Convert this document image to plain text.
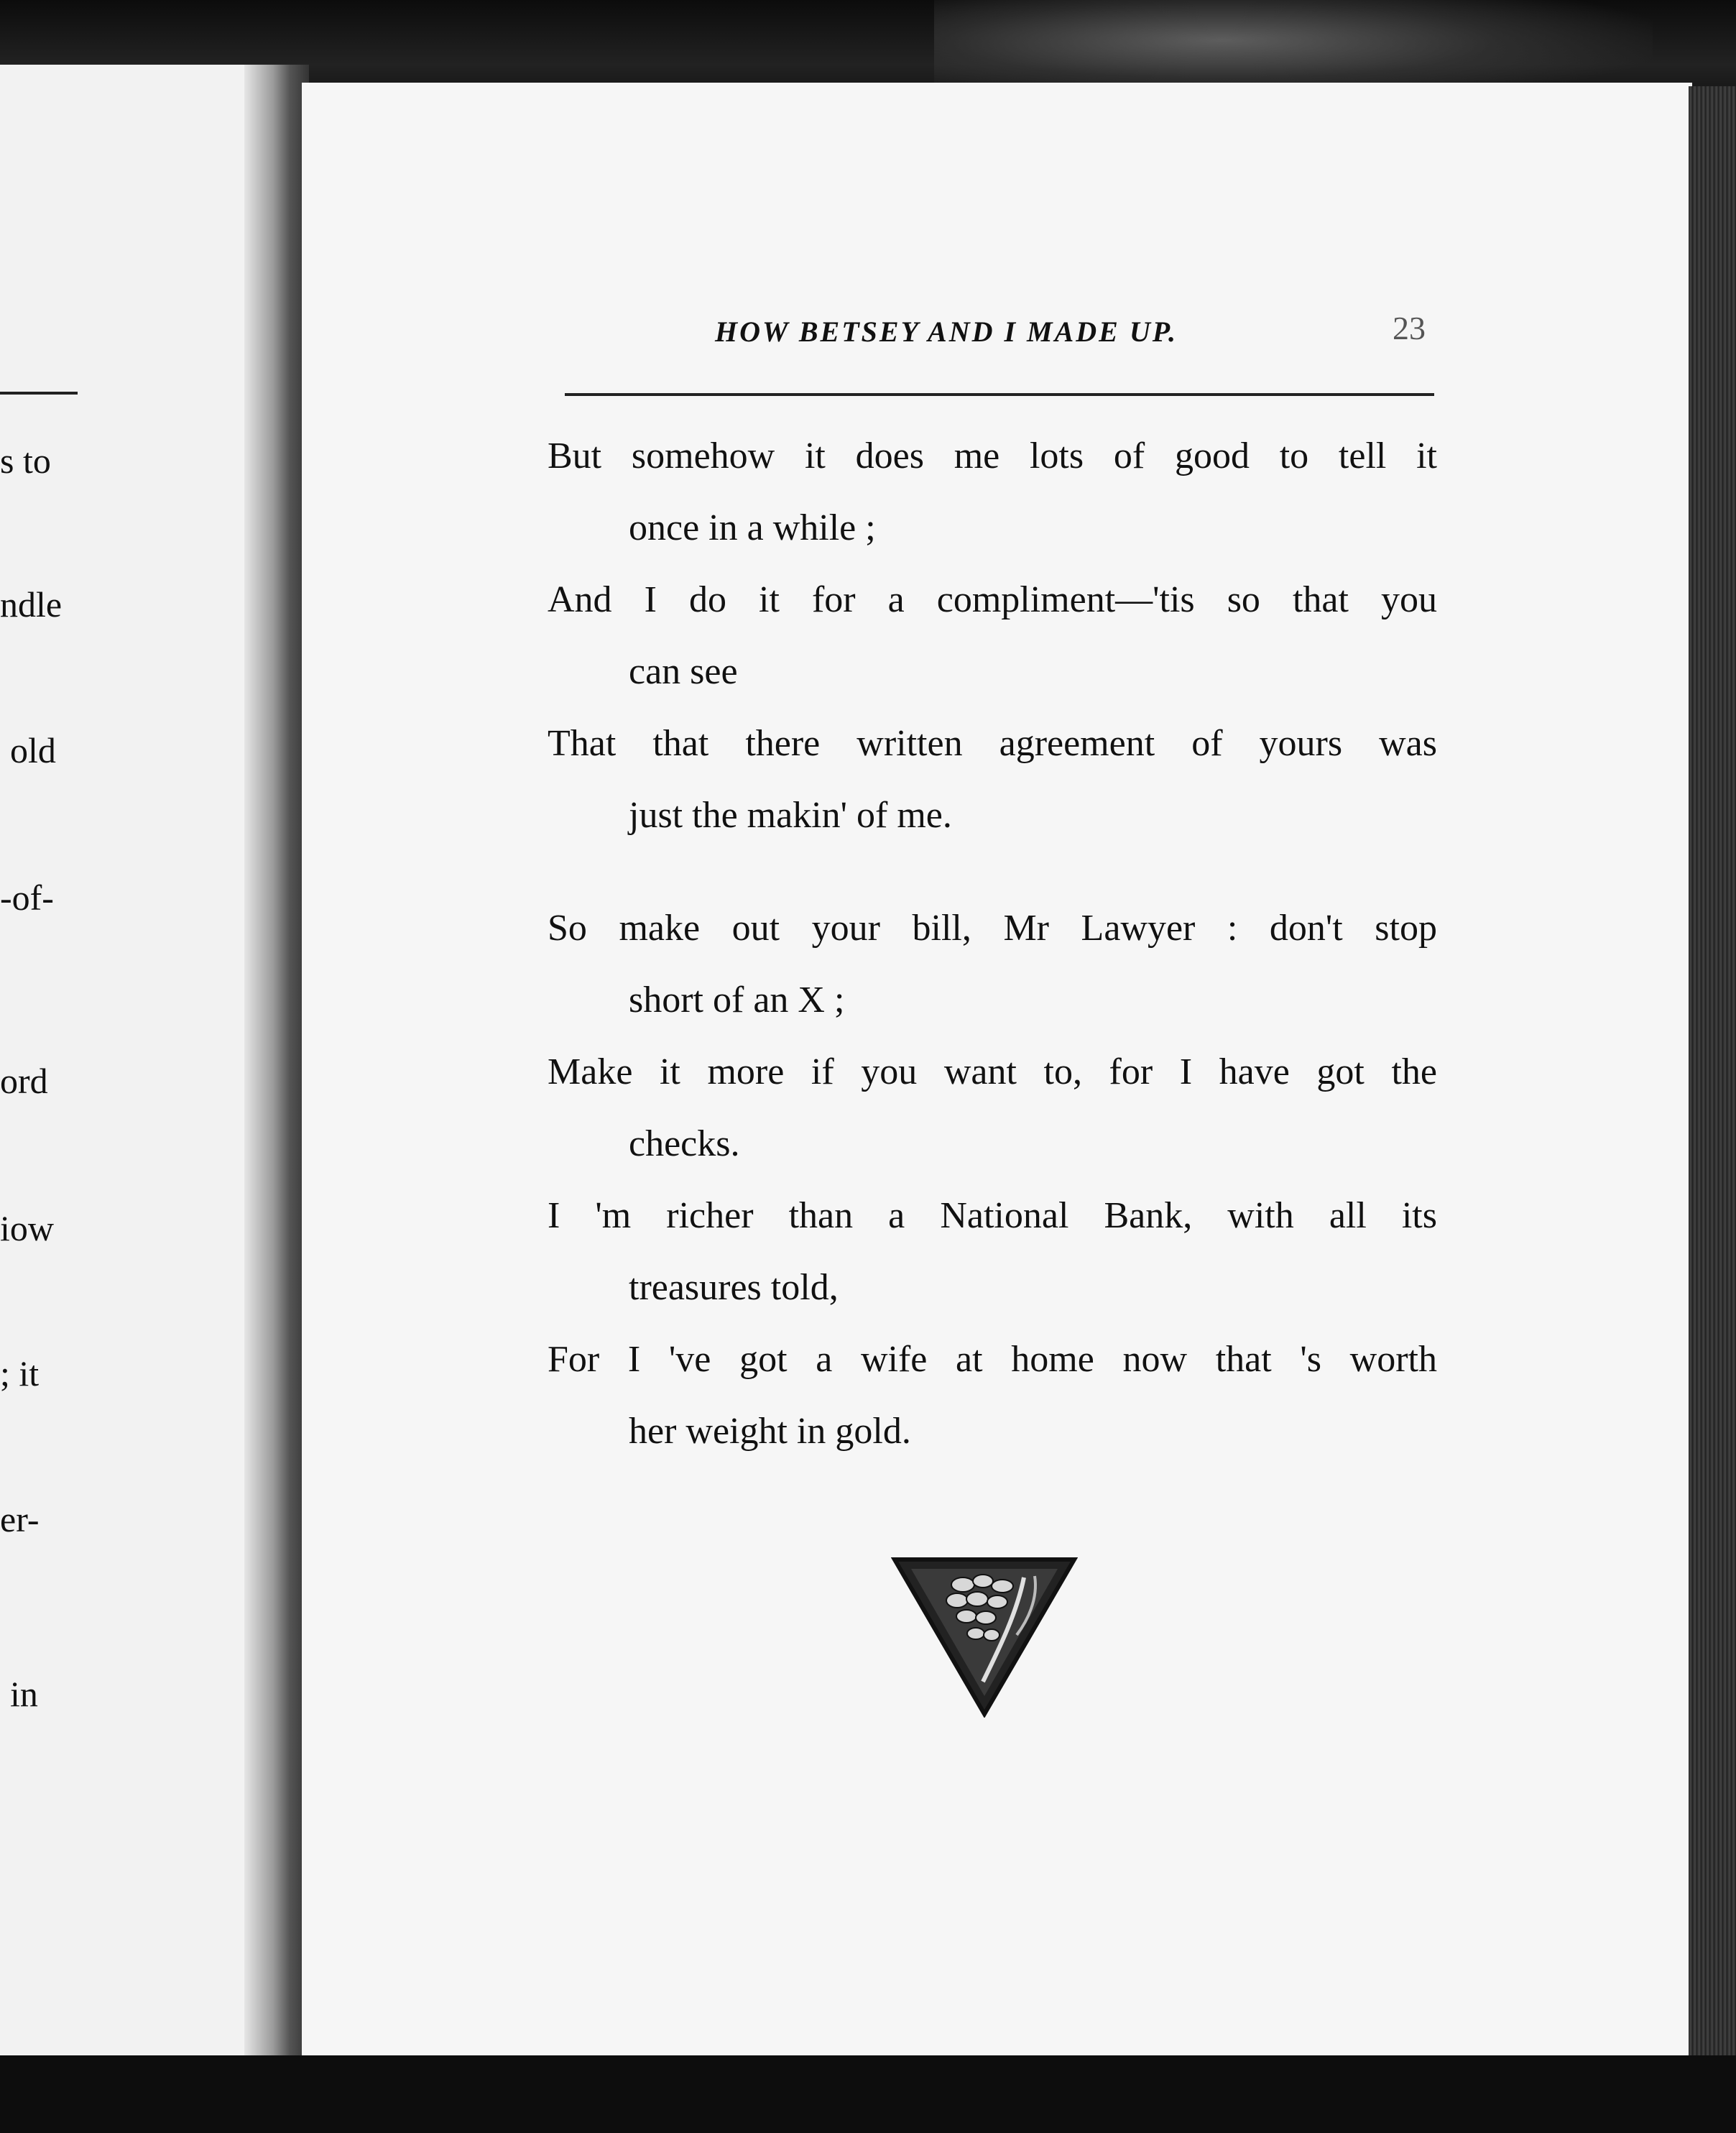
s to
ndle
old
-of-
ord
iow
; it
er-
in
HOW BETSEY AND I MADE UP.	23
But somehow it does me lots of good to tell it
once in a while ;
And I do it for a compliment—'tis so that you
can see
That that there written agreement of yours was
just the makin' of me.
So make out your bill, Mr Lawyer : don't stop
short of an X ;
Make it more if you want to, for I have got the
checks.
I 'm richer than a National Bank, with all its
treasures told,
For I 've got a wife at home now that 's worth
her weight in gold.
